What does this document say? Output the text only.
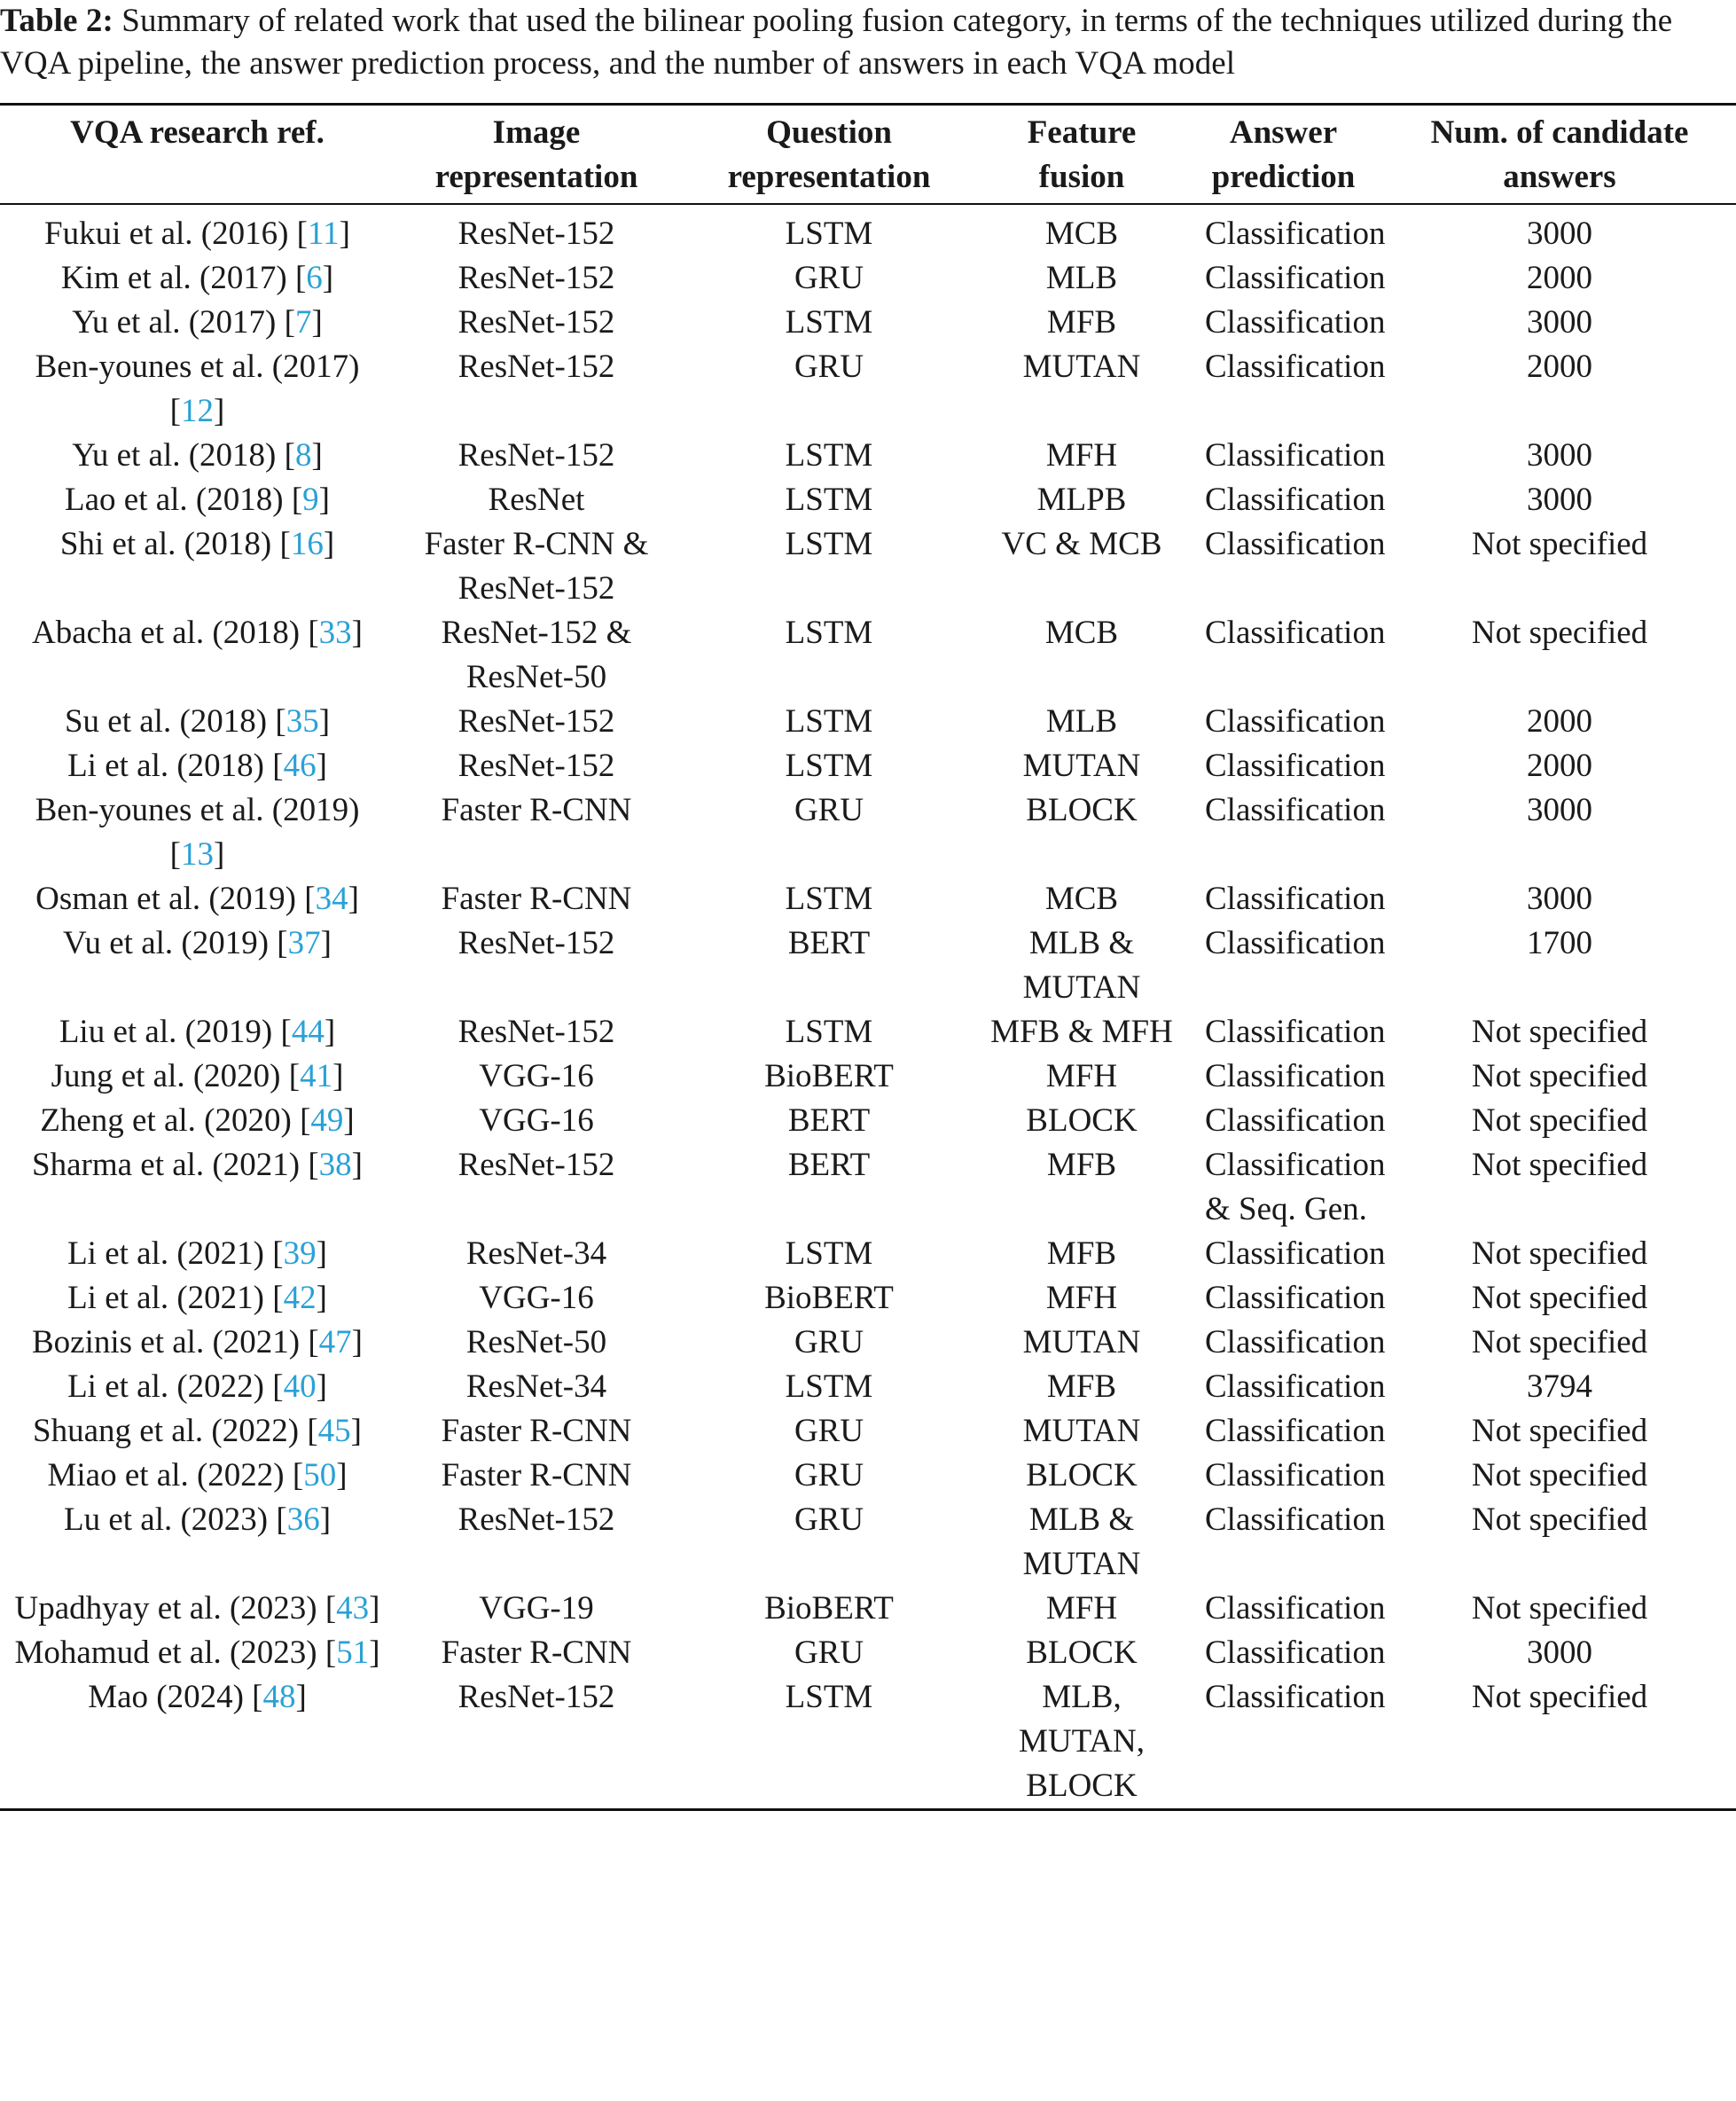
Table 2: Summary of related work that used the bilinear pooling fusion category, in terms of the techniques utilized during the VQA pipeline, the answer prediction process, and the number of answers in each VQA model

VQA research ref.	Image representation	Question representation	Feature fusion	Answer prediction	Num. of candidate answers
Fukui et al. (2016) [11]	ResNet-152	LSTM	MCB	Classification	3000
Kim et al. (2017) [6]	ResNet-152	GRU	MLB	Classification	2000
Yu et al. (2017) [7]	ResNet-152	LSTM	MFB	Classification	3000
Ben-younes et al. (2017) [12]	ResNet-152	GRU	MUTAN	Classification	2000
Yu et al. (2018) [8]	ResNet-152	LSTM	MFH	Classification	3000
Lao et al. (2018) [9]	ResNet	LSTM	MLPB	Classification	3000
Shi et al. (2018) [16]	Faster R-CNN & ResNet-152	LSTM	VC & MCB	Classification	Not specified
Abacha et al. (2018) [33]	ResNet-152 & ResNet-50	LSTM	MCB	Classification	Not specified
Su et al. (2018) [35]	ResNet-152	LSTM	MLB	Classification	2000
Li et al. (2018) [46]	ResNet-152	LSTM	MUTAN	Classification	2000
Ben-younes et al. (2019) [13]	Faster R-CNN	GRU	BLOCK	Classification	3000
Osman et al. (2019) [34]	Faster R-CNN	LSTM	MCB	Classification	3000
Vu et al. (2019) [37]	ResNet-152	BERT	MLB & MUTAN	Classification	1700
Liu et al. (2019) [44]	ResNet-152	LSTM	MFB & MFH	Classification	Not specified
Jung et al. (2020) [41]	VGG-16	BioBERT	MFH	Classification	Not specified
Zheng et al. (2020) [49]	VGG-16	BERT	BLOCK	Classification	Not specified
Sharma et al. (2021) [38]	ResNet-152	BERT	MFB	Classification & Seq. Gen.	Not specified
Li et al. (2021) [39]	ResNet-34	LSTM	MFB	Classification	Not specified
Li et al. (2021) [42]	VGG-16	BioBERT	MFH	Classification	Not specified
Bozinis et al. (2021) [47]	ResNet-50	GRU	MUTAN	Classification	Not specified
Li et al. (2022) [40]	ResNet-34	LSTM	MFB	Classification	3794
Shuang et al. (2022) [45]	Faster R-CNN	GRU	MUTAN	Classification	Not specified
Miao et al. (2022) [50]	Faster R-CNN	GRU	BLOCK	Classification	Not specified
Lu et al. (2023) [36]	ResNet-152	GRU	MLB & MUTAN	Classification	Not specified
Upadhyay et al. (2023) [43]	VGG-19	BioBERT	MFH	Classification	Not specified
Mohamud et al. (2023) [51]	Faster R-CNN	GRU	BLOCK	Classification	3000
Mao (2024) [48]	ResNet-152	LSTM	MLB, MUTAN, BLOCK	Classification	Not specified
